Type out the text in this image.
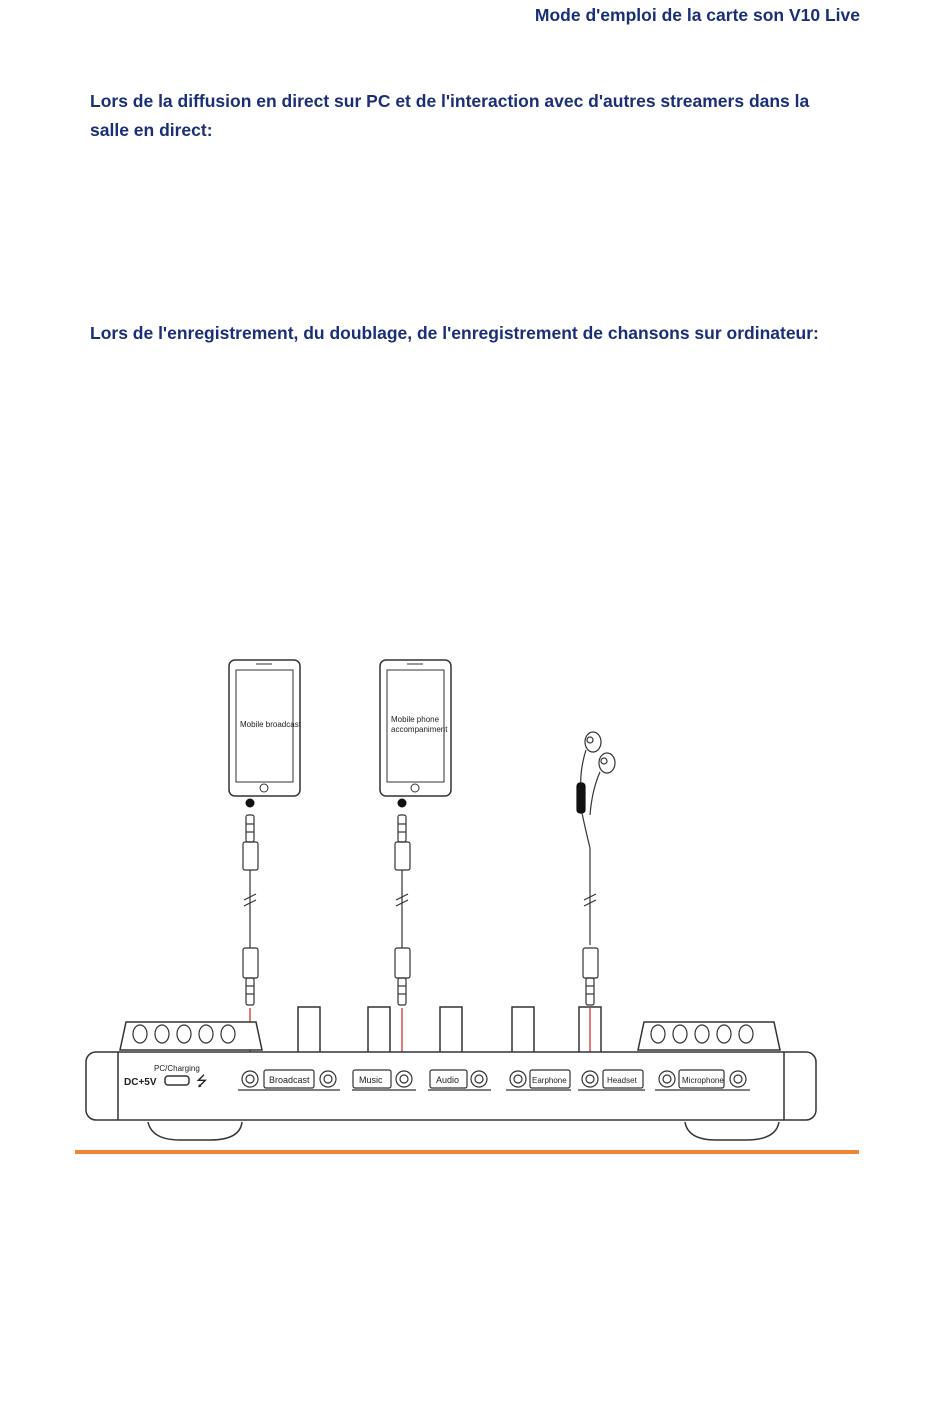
Mode d'emploi de la carte son V10 Live
Lors de la diffusion en direct sur PC et de l'interaction avec d'autres streamers dans la salle en direct:
Lors de l'enregistrement, du doublage, de l'enregistrement de chansons sur ordinateur:
Mobile broadcast
Mobile phone
accompaniment
PC/Charging
DC+5V	⭍	Broadcast	Music	Audio	Earphone	Headset	Microphone
